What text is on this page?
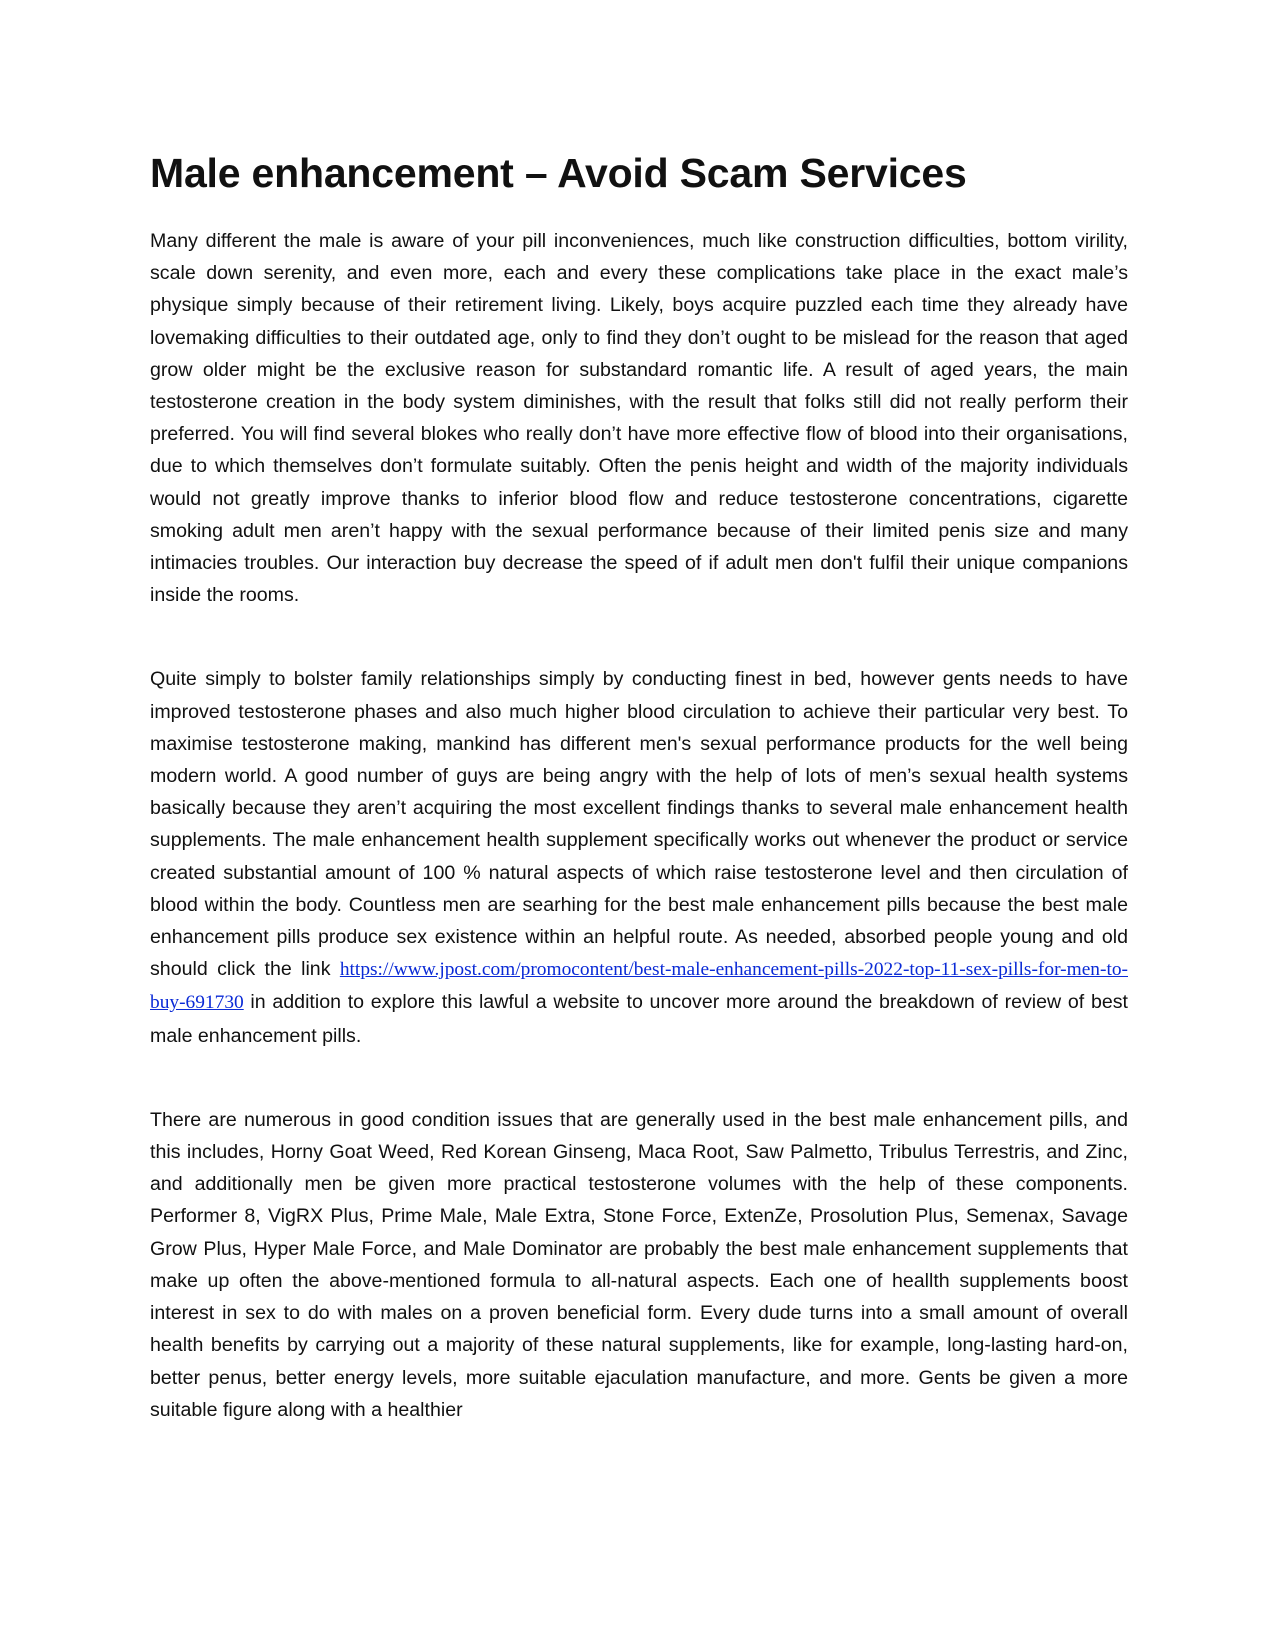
Male enhancement – Avoid Scam Services

Many different the male is aware of your pill inconveniences, much like construction difficulties, bottom virility, scale down serenity, and even more, each and every these complications take place in the exact male’s physique simply because of their retirement living. Likely, boys acquire puzzled each time they already have lovemaking difficulties to their outdated age, only to find they don’t ought to be mislead for the reason that aged grow older might be the exclusive reason for substandard romantic life. A result of aged years, the main testosterone creation in the body system diminishes, with the result that folks still did not really perform their preferred. You will find several blokes who really don’t have more effective flow of blood into their organisations, due to which themselves don’t formulate suitably. Often the penis height and width of the majority individuals would not greatly improve thanks to inferior blood flow and reduce testosterone concentrations, cigarette smoking adult men aren’t happy with the sexual performance because of their limited penis size and many intimacies troubles. Our interaction buy decrease the speed of if adult men don't fulfil their unique companions inside the rooms.

Quite simply to bolster family relationships simply by conducting finest in bed, however gents needs to have improved testosterone phases and also much higher blood circulation to achieve their particular very best. To maximise testosterone making, mankind has different men's sexual performance products for the well being modern world. A good number of guys are being angry with the help of lots of men’s sexual health systems basically because they aren’t acquiring the most excellent findings thanks to several male enhancement health supplements. The male enhancement health supplement specifically works out whenever the product or service created substantial amount of 100 % natural aspects of which raise testosterone level and then circulation of blood within the body. Countless men are searhing for the best male enhancement pills because the best male enhancement pills produce sex existence within an helpful route. As needed, absorbed people young and old should click the link https://www.jpost.com/promocontent/best-male-enhancement-pills-2022-top-11-sex-pills-for-men-to-buy-691730 in addition to explore this lawful a website to uncover more around the breakdown of review of best male enhancement pills.

There are numerous in good condition issues that are generally used in the best male enhancement pills, and this includes, Horny Goat Weed, Red Korean Ginseng, Maca Root, Saw Palmetto, Tribulus Terrestris, and Zinc, and additionally men be given more practical testosterone volumes with the help of these components. Performer 8, VigRX Plus, Prime Male, Male Extra, Stone Force, ExtenZe, Prosolution Plus, Semenax, Savage Grow Plus, Hyper Male Force, and Male Dominator are probably the best male enhancement supplements that make up often the above-mentioned formula to all-natural aspects. Each one of heallth supplements boost interest in sex to do with males on a proven beneficial form. Every dude turns into a small amount of overall health benefits by carrying out a majority of these natural supplements, like for example, long-lasting hard-on, better penus, better energy levels, more suitable ejaculation manufacture, and more. Gents be given a more suitable figure along with a healthier
